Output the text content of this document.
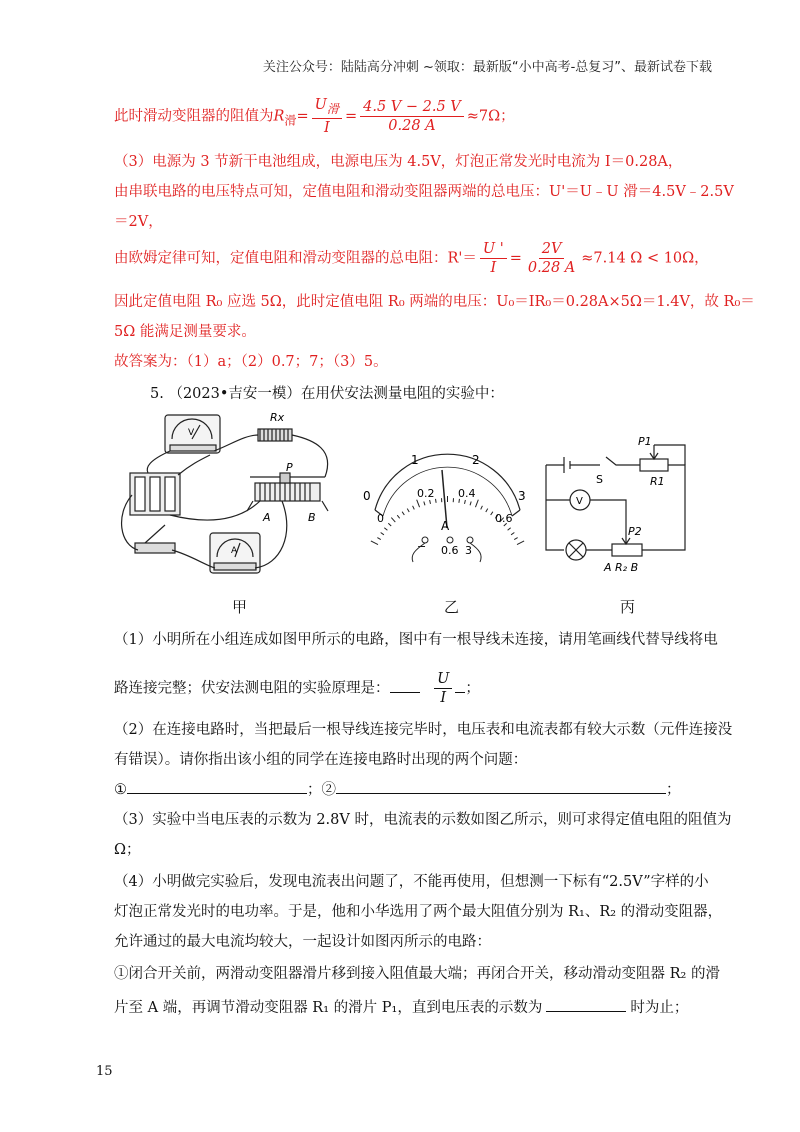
关注公众号：陆陆高分冲刺 ~领取：最新版“小中高考-总复习”、最新试卷下载
此时滑动变阻器的阻值为$R_滑= \frac{U_滑}{I} = \frac{4.5 V - 2.5 V}{0.28 A} \approx 7\Omega$；
（3）电源为 3 节新干电池组成，电源电压为 4.5V，灯泡正常发光时电流为 I＝0.28A，
由串联电路的电压特点可知，定值电阻和滑动变阻器两端的总电压：U'＝U﹣U 滑＝4.5V﹣2.5V
＝2V，
由欧姆定律可知，定值电阻和滑动变阻器的总电阻：$R'= \frac{U '}{I} = \frac{2V}{0.28 A} \approx 7.14$ Ω < 10Ω，
因此定值电阻 R₀ 应选 5Ω，此时定值电阻 R₀ 两端的电压：U₀＝IR₀＝0.28A×5Ω＝1.4V，故 R₀＝
5Ω 能满足测量要求。
故答案为：（1）a；（2）0.7；7；（3）5。
5. （2023•吉安一模）在用伏安法测量电阻的实验中：
Rx
P
A	B
A
V
0
1	2
3
0
0.2 0.4
0.6
A
− 0.6 3
P1
R1
S
V
P2
A R₂ B
甲	乙	丙
（1）小明所在小组连成如图甲所示的电路，图中有一根导线未连接，请用笔画线代替导线将电
路连接完整；伏安法测电阻的实验原理是：	$\frac{U}{I}$ ；
（2）在连接电路时，当把最后一根导线连接完毕时，电压表和电流表都有较大示数（元件连接没
有错误）。请你指出该小组的同学在连接电路时出现的两个问题：
①	；②	；
（3）实验中当电压表的示数为 2.8V 时，电流表的示数如图乙所示，则可求得定值电阻的阻值为
Ω；
（4）小明做完实验后，发现电流表出问题了，不能再使用，但想测一下标有“2.5V”字样的小
灯泡正常发光时的电功率。于是，他和小华选用了两个最大阻值分别为 R₁、R₂ 的滑动变阻器，
允许通过的最大电流均较大，一起设计如图丙所示的电路：
①闭合开关前，两滑动变阻器滑片移到接入阻值最大端；再闭合开关，移动滑动变阻器 R₂ 的滑
片至 A 端，再调节滑动变阻器 R₁ 的滑片 P₁，直到电压表的示数为	时为止；
15
